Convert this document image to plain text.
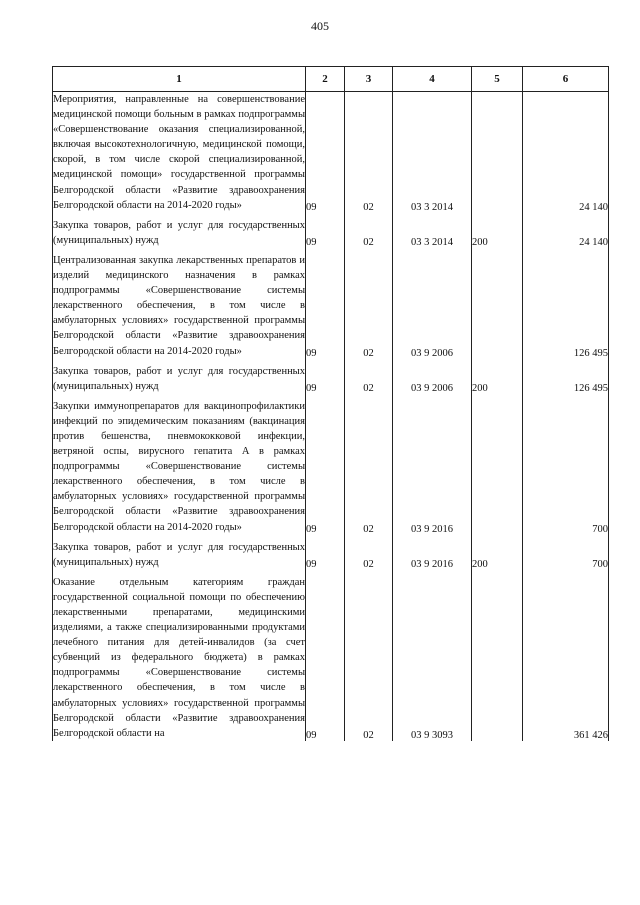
405
1	2	3	4	5	6
Мероприятия, направленные на совершенствование медицинской помощи больным в рамках подпрограммы «Совершенствование оказания специализированной, включая высокотехнологичную, медицинской помощи, скорой, в том числе скорой специализированной, медицинской помощи» государственной программы Белгородской области «Развитие здравоохранения Белгородской области на 2014-2020 годы»	09	02	03 3 2014		24 140

Закупка товаров, работ и услуг для государственных (муниципальных) нужд	09	02	03 3 2014	200	24 140

Централизованная закупка лекарственных препаратов и изделий медицинского назначения в рамках подпрограммы «Совершенствование системы лекарственного обеспечения, в том числе в амбулаторных условиях» государственной программы Белгородской области «Развитие здравоохранения Белгородской области на 2014-2020 годы»	09	02	03 9 2006		126 495

Закупка товаров, работ и услуг для государственных (муниципальных) нужд	09	02	03 9 2006	200	126 495

Закупки иммунопрепаратов для вакцинопрофилактики инфекций по эпидемическим показаниям (вакцинация против бешенства, пневмококковой инфекции, ветряной оспы, вирусного гепатита А в рамках подпрограммы «Совершенствование системы лекарственного обеспечения, в том числе в амбулаторных условиях» государственной программы Белгородской области «Развитие здравоохранения Белгородской области на 2014-2020 годы»	09	02	03 9 2016		700

Закупка товаров, работ и услуг для государственных (муниципальных) нужд	09	02	03 9 2016	200	700

Оказание отдельным категориям граждан государственной социальной помощи по обеспечению лекарственными препаратами, медицинскими изделиями, а также специализированными продуктами лечебного питания для детей-инвалидов (за счет субвенций из федерального бюджета) в рамках подпрограммы «Совершенствование системы лекарственного обеспечения, в том числе в амбулаторных условиях» государственной программы Белгородской области «Развитие здравоохранения Белгородской области на	09	02	03 9 3093		361 426
